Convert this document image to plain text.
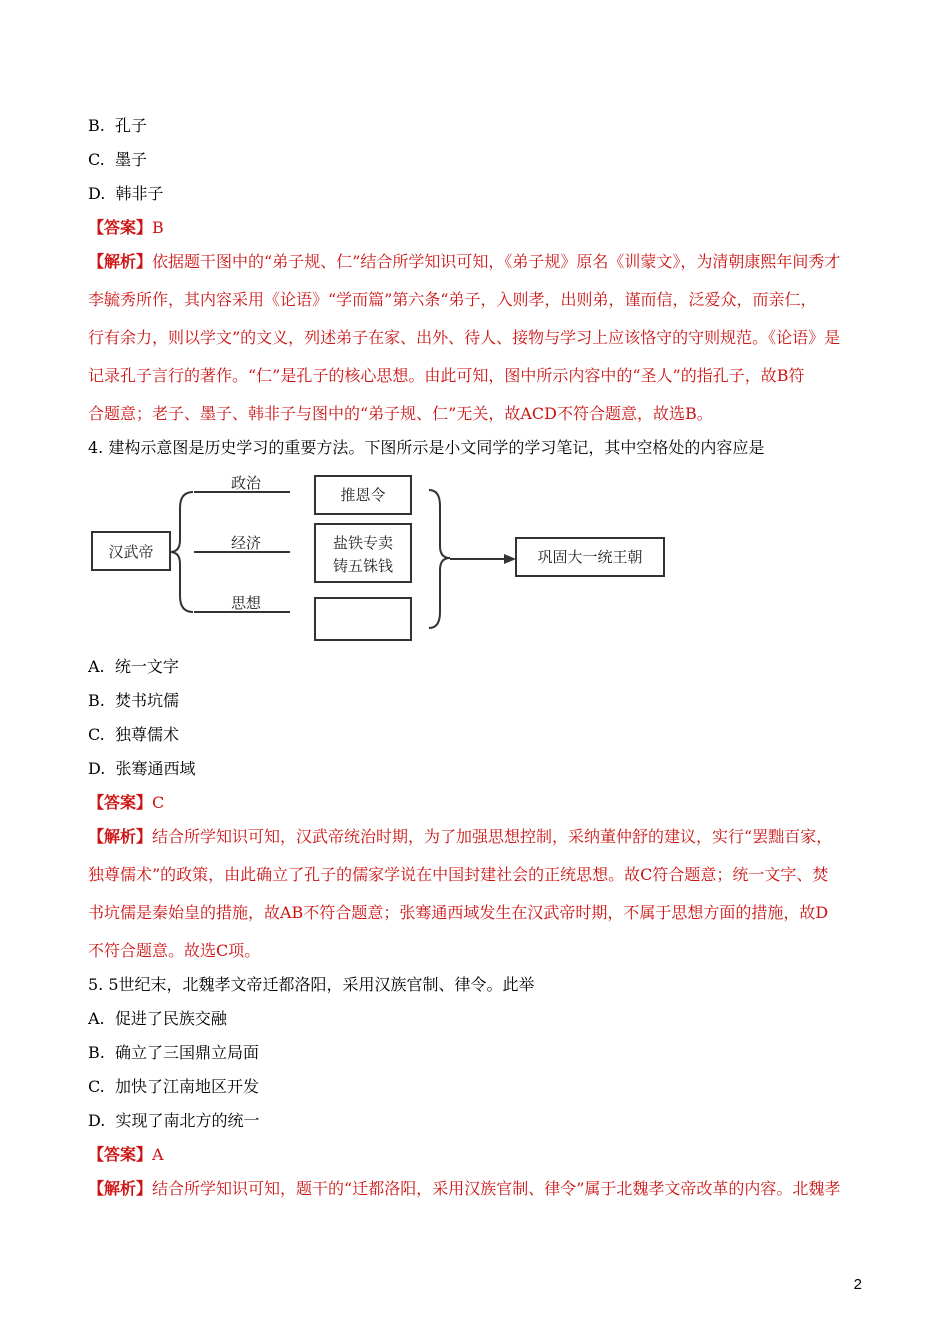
B. 孔子
C. 墨子
D. 韩非子
【答案】B
【解析】依据题干图中的“弟子规、仁”结合所学知识可知，《弟子规》原名《训蒙文》，为清朝康熙年间秀才
李毓秀所作，其内容采用《论语》“学而篇”第六条“弟子，入则孝，出则弟，谨而信，泛爱众，而亲仁，
行有余力，则以学文”的文义，列述弟子在家、出外、待人、接物与学习上应该恪守的守则规范。《论语》是
记录孔子言行的著作。“仁”是孔子的核心思想。由此可知，图中所示内容中的“圣人”的指孔子，故B符
合题意；老子、墨子、韩非子与图中的“弟子规、仁”无关，故ACD不符合题意，故选B。
4. 建构示意图是历史学习的重要方法。下图所示是小文同学的学习笔记，其中空格处的内容应是
汉武帝
政治
经济
思想
推恩令
盐铁专卖
铸五铢钱	巩固大一统王朝
A. 统一文字
B. 焚书坑儒
C. 独尊儒术
D. 张骞通西域
【答案】C
【解析】结合所学知识可知，汉武帝统治时期，为了加强思想控制，采纳董仲舒的建议，实行“罢黜百家，
独尊儒术”的政策，由此确立了孔子的儒家学说在中国封建社会的正统思想。故C符合题意；统一文字、焚
书坑儒是秦始皇的措施，故AB不符合题意；张骞通西域发生在汉武帝时期，不属于思想方面的措施，故D
不符合题意。故选C项。
5. 5世纪末，北魏孝文帝迁都洛阳，采用汉族官制、律令。此举
A. 促进了民族交融
B. 确立了三国鼎立局面
C. 加快了江南地区开发
D. 实现了南北方的统一
【答案】A
【解析】结合所学知识可知，题干的“迁都洛阳，采用汉族官制、律令”属于北魏孝文帝改革的内容。北魏孝
2
